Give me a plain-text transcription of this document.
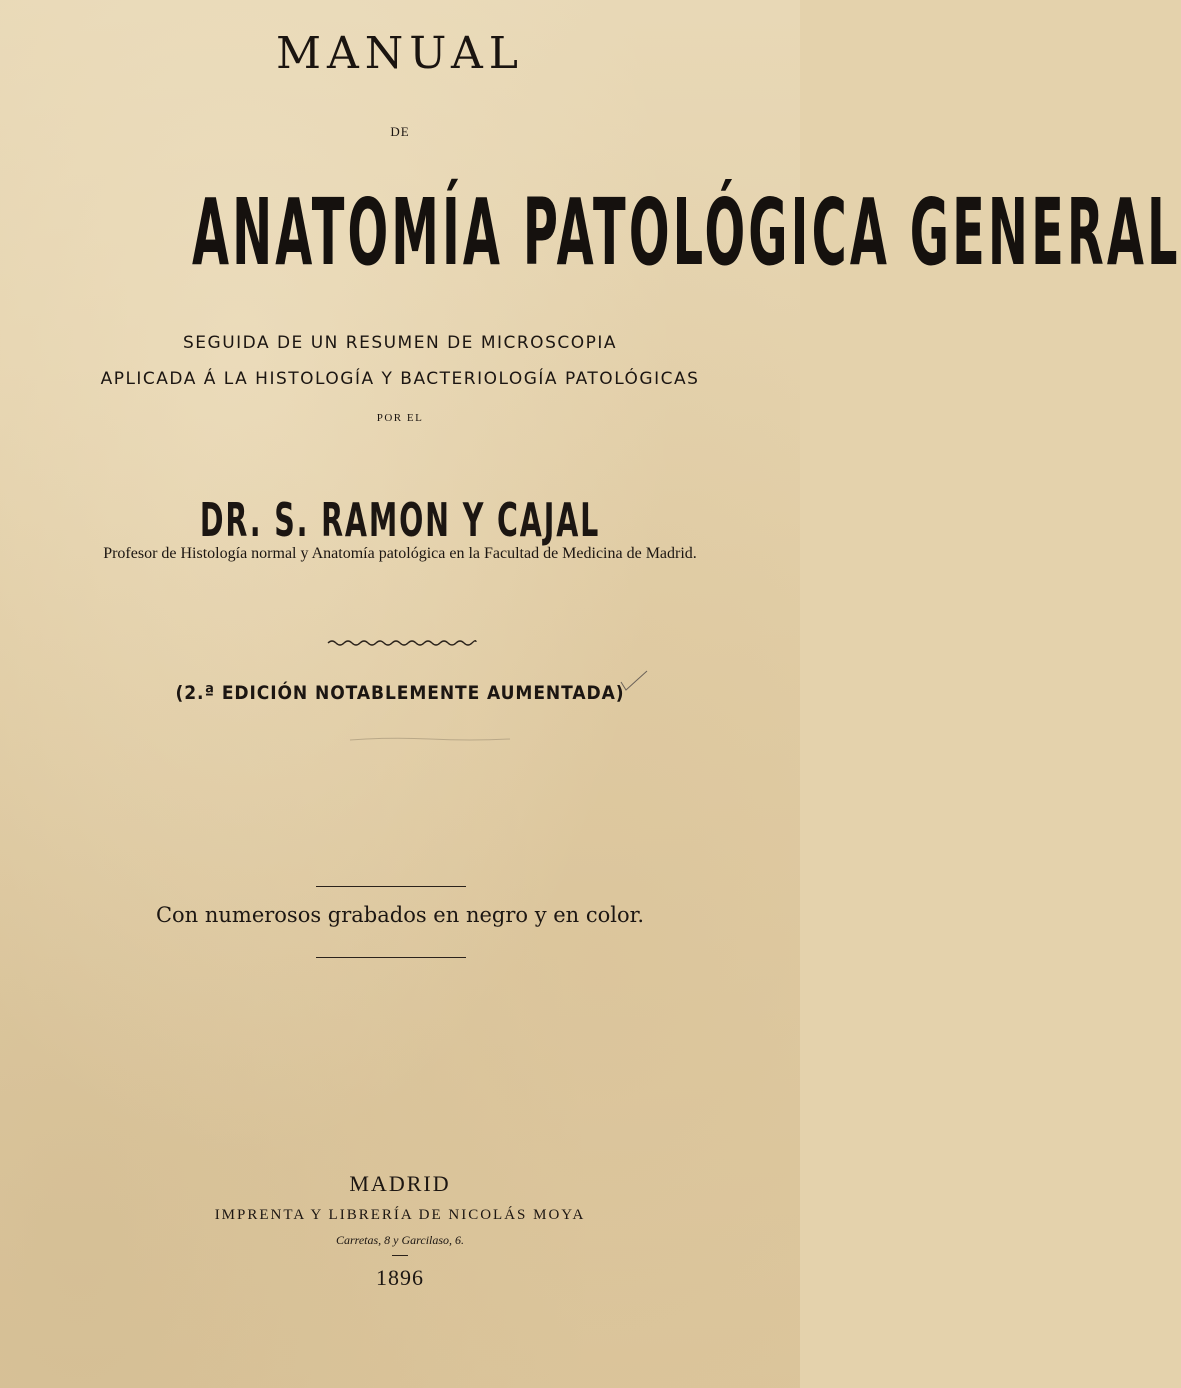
MANUAL
DE
ANATOMÍA PATOLÓGICA GENERAL
SEGUIDA DE UN RESUMEN DE MICROSCOPIA
APLICADA Á LA HISTOLOGÍA Y BACTERIOLOGÍA PATOLÓGICAS
POR EL
DR. S. RAMON Y CAJAL
Profesor de Histología normal y Anatomía patológica en la Facultad de Medicina de Madrid.
(2.ª EDICIÓN NOTABLEMENTE AUMENTADA)
Con numerosos grabados en negro y en color.
MADRID
IMPRENTA Y LIBRERÍA DE NICOLÁS MOYA
Carretas, 8 y Garcilaso, 6.
1896
